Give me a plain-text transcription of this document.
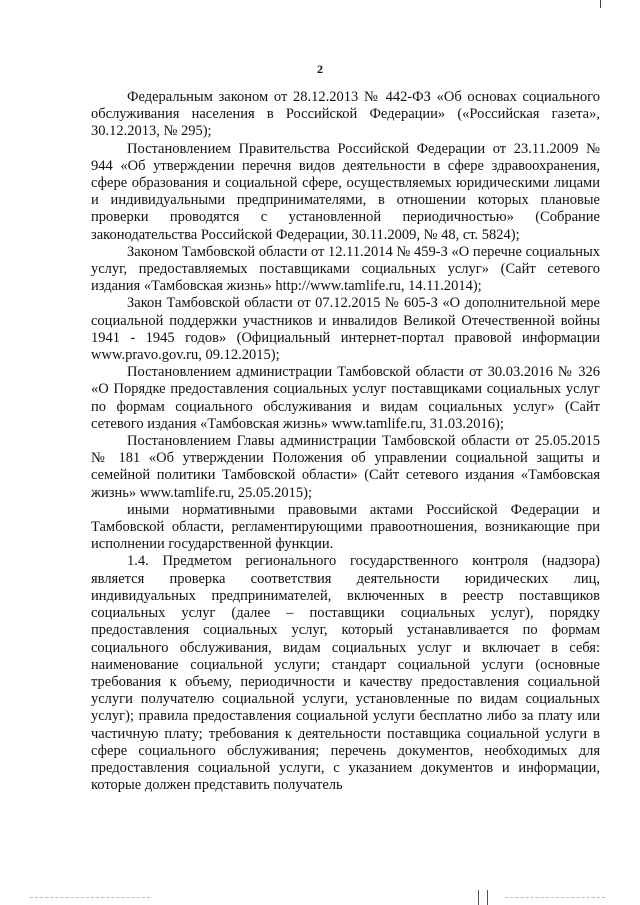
2

Федеральным законом от 28.12.2013 № 442-ФЗ «Об основах социального обслуживания населения в Российской Федерации» («Российская газета», 30.12.2013, № 295);

Постановлением Правительства Российской Федерации от 23.11.2009 № 944 «Об утверждении перечня видов деятельности в сфере здравоохранения, сфере образования и социальной сфере, осуществляемых юридическими лицами и индивидуальными предпринимателями, в отношении которых плановые проверки проводятся с установленной периодичностью» (Собрание законодательства Российской Федерации, 30.11.2009, № 48, ст. 5824);

Законом Тамбовской области от 12.11.2014 № 459-З «О перечне социальных услуг, предоставляемых поставщиками социальных услуг» (Сайт сетевого издания «Тамбовская жизнь» http://www.tamlife.ru, 14.11.2014);

Закон Тамбовской области от 07.12.2015 № 605-З «О дополнительной мере социальной поддержки участников и инвалидов Великой Отечественной войны 1941 - 1945 годов» (Официальный интернет-портал правовой информации www.pravo.gov.ru, 09.12.2015);

Постановлением администрации Тамбовской области от 30.03.2016 № 326 «О Порядке предоставления социальных услуг поставщиками социальных услуг по формам социального обслуживания и видам социальных услуг» (Сайт сетевого издания «Тамбовская жизнь» www.tamlife.ru, 31.03.2016);

Постановлением Главы администрации Тамбовской области от 25.05.2015 № 181 «Об утверждении Положения об управлении социальной защиты и семейной политики Тамбовской области» (Сайт сетевого издания «Тамбовская жизнь» www.tamlife.ru, 25.05.2015);

иными нормативными правовыми актами Российской Федерации и Тамбовской области, регламентирующими правоотношения, возникающие при исполнении государственной функции.

1.4. Предметом регионального государственного контроля (надзора) является проверка соответствия деятельности юридических лиц, индивидуальных предпринимателей, включенных в реестр поставщиков социальных услуг (далее – поставщики социальных услуг), порядку предоставления социальных услуг, который устанавливается по формам социального обслуживания, видам социальных услуг и включает в себя: наименование социальной услуги; стандарт социальной услуги (основные требования к объему, периодичности и качеству предоставления социальной услуги получателю социальной услуги, установленные по видам социальных услуг); правила предоставления социальной услуги бесплатно либо за плату или частичную плату; требования к деятельности поставщика социальной услуги в сфере социального обслуживания; перечень документов, необходимых для предоставления социальной услуги, с указанием документов и информации, которые должен представить получатель
